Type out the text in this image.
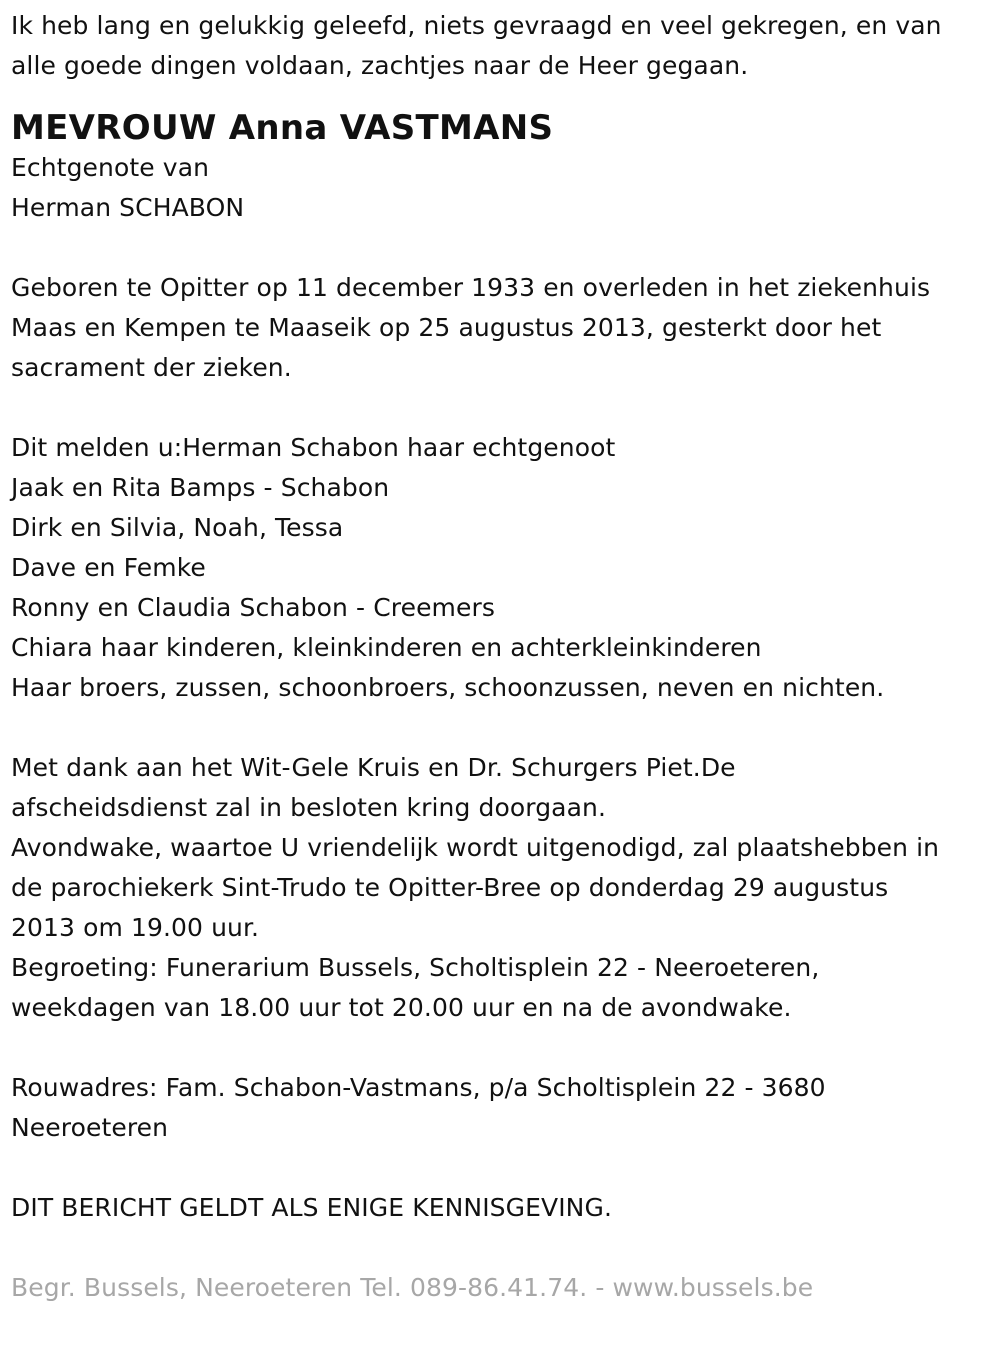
Ik heb lang en gelukkig geleefd, niets gevraagd en veel gekregen, en van
alle goede dingen voldaan, zachtjes naar de Heer gegaan.
MEVROUW Anna VASTMANS
Echtgenote van
Herman SCHABON
Geboren te Opitter op 11 december 1933 en overleden in het ziekenhuis
Maas en Kempen te Maaseik op 25 augustus 2013, gesterkt door het
sacrament der zieken.
Dit melden u:Herman Schabon haar echtgenoot
Jaak en Rita Bamps - Schabon
Dirk en Silvia, Noah, Tessa
Dave en Femke
Ronny en Claudia Schabon - Creemers
Chiara haar kinderen, kleinkinderen en achterkleinkinderen
Haar broers, zussen, schoonbroers, schoonzussen, neven en nichten.
Met dank aan het Wit-Gele Kruis en Dr. Schurgers Piet.De
afscheidsdienst zal in besloten kring doorgaan.
Avondwake, waartoe U vriendelijk wordt uitgenodigd, zal plaatshebben in
de parochiekerk Sint-Trudo te Opitter-Bree op donderdag 29 augustus
2013 om 19.00 uur.
Begroeting: Funerarium Bussels, Scholtisplein 22 - Neeroeteren,
weekdagen van 18.00 uur tot 20.00 uur en na de avondwake.
Rouwadres: Fam. Schabon-Vastmans, p/a Scholtisplein 22 - 3680
Neeroeteren
DIT BERICHT GELDT ALS ENIGE KENNISGEVING.
Begr. Bussels, Neeroeteren Tel. 089-86.41.74. - www.bussels.be
